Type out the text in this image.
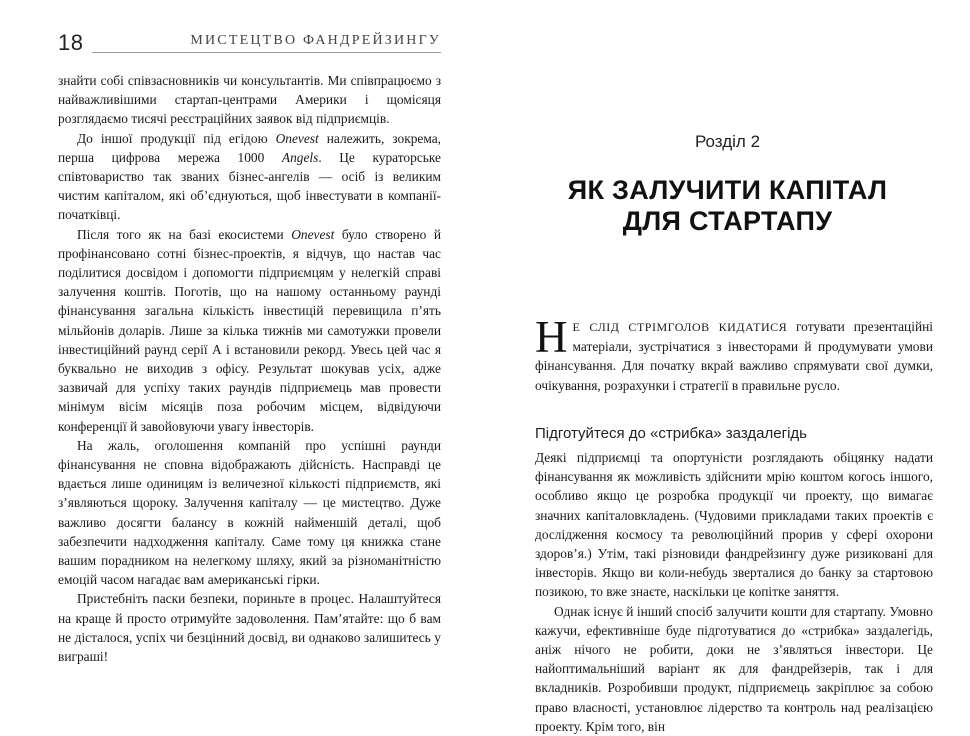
18	МИСТЕЦТВО ФАНДРЕЙЗИНГУ

знайти собі співзасновників чи консультантів. Ми співпрацюємо з найважливішими стартап-центрами Америки і щомісяця розглядаємо тисячі реєстраційних заявок від підприємців.

До іншої продукції під егідою Onevest належить, зокрема, перша цифрова мережа 1000 Angels. Це кураторське співтовариство так званих бізнес-ангелів — осіб із великим чистим капіталом, які об’єднуються, щоб інвестувати в компанії-початківці.

Після того як на базі екосистеми Onevest було створено й профінансовано сотні бізнес-проектів, я відчув, що настав час поділитися досвідом і допомогти підприємцям у нелегкій справі залучення коштів. Поготів, що на нашому останньому раунді фінансування загальна кількість інвестицій перевищила п’ять мільйонів доларів. Лише за кілька тижнів ми самотужки провели інвестиційний раунд серії А і встановили рекорд. Увесь цей час я буквально не виходив з офісу. Результат шокував усіх, адже зазвичай для успіху таких раундів підприємець мав провести мінімум вісім місяців поза робочим місцем, відвідуючи конференції й завойовуючи увагу інвесторів.

На жаль, оголошення компаній про успішні раунди фінансування не сповна відображають дійсність. Насправді це вдається лише одиницям із величезної кількості підприємств, які з’являються щороку. Залучення капіталу — це мистецтво. Дуже важливо досягти балансу в кожній найменшій деталі, щоб забезпечити надходження капіталу. Саме тому ця книжка стане вашим порадником на нелегкому шляху, який за різноманітністю емоцій часом нагадає вам американські гірки.

Пристебніть паски безпеки, пориньте в процес. Налаштуйтеся на краще й просто отримуйте задоволення. Пам’ятайте: що б вам не дісталося, успіх чи безцінний досвід, ви однаково залишитесь у виграші!

Розділ 2
ЯК ЗАЛУЧИТИ КАПІТАЛ
ДЛЯ СТАРТАПУ
Н Е СЛІД СТРІМГОЛОВ КИДАТИСЯ готувати презентаційні матеріали, зустрічатися з інвесторами й продумувати умови фінансування. Для початку вкрай важливо спрямувати свої думки, очікування, розрахунки і стратегії в правильне русло.
Підготуйтеся до «стрибка» заздалегідь

Деякі підприємці та опортуністи розглядають обіцянку надати фінансування як можливість здійснити мрію коштом когось іншого, особливо якщо це розробка продукції чи проекту, що вимагає значних капіталовкладень. (Чудовими прикладами таких проектів є дослідження космосу та революційний прорив у сфері охорони здоров’я.) Утім, такі різновиди фандрейзингу дуже ризиковані для інвесторів. Якщо ви коли-небудь зверталися до банку за стартовою позикою, то вже знаєте, наскільки це копітке заняття.

Однак існує й інший спосіб залучити кошти для стартапу. Умовно кажучи, ефективніше буде підготуватися до «стрибка» заздалегідь, аніж нічого не робити, доки не з’являться інвестори. Це найоптимальніший варіант як для фандрейзерів, так і для вкладників. Розробивши продукт, підприємець закріплює за собою право власності, установлює лідерство та контроль над реалізацією проекту. Крім того, він
